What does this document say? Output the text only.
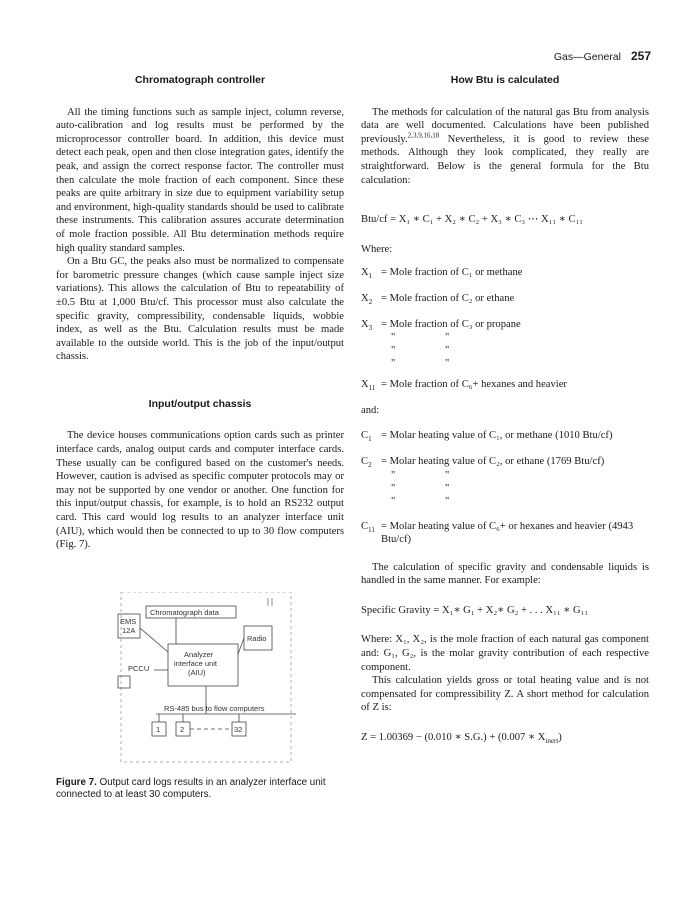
Gas—General 257
Chromatograph controller

All the timing functions such as sample inject, column reverse, auto-calibration and log results must be performed by the microprocessor controller board. In addition, this device must detect each peak, open and then close integration gates, identify the peak, and assign the correct response factor. The controller must then calculate the mole fraction of each component. Since these peaks are quite arbitrary in size due to equipment variability setup and environment, high-quality standards should be used to calibrate these instruments. This calibration assures accurate determination of mole fraction possible. All Btu determination methods require high quality standard samples.

On a Btu GC, the peaks also must be normalized to compensate for barometric pressure changes (which cause sample inject size variations). This allows the calculation of Btu to repeatability of ±0.5 Btu at 1,000 Btu/cf. This processor must also calculate the specific gravity, compressibility, condensable liquids, wobbie index, as well as the Btu. Calculation results must be made available to the outside world. This is the job of the input/output chassis.

Input/output chassis

The device houses communications option cards such as printer interface cards, analog output cards and computer interface cards. These usually can be configured based on the customer's needs. However, caution is advised as specific computer protocols may or may not be supported by one vendor or another. One function for this input/output chassis, for example, is to hold an RS232 output card. This card would log results to an analyzer interface unit (AIU), which would then be connected to up to 30 flow computers (Fig. 7).

Chromatograph data
EMS
12A
Radio
PCCU
Analyzer
interface unit
(AIU)
RS-485 bus to flow computers
1	2	32
Figure 7. Output card logs results in an analyzer interface unit connected to at least 30 computers.
How Btu is calculated

The methods for calculation of the natural gas Btu from analysis data are well documented. Calculations have been published previously.$^{2,3,9,16,18}$ Nevertheless, it is good to review these methods. Although they look complicated, they really are straightforward. Below is the general formula for the Btu calculation:

Btu/cf = X₁ ∗ C₁ + X₂ ∗ C₂ + X₃ ∗ C₃ ⋯ X₁₁ ∗ C₁₁

Where:

$X_1$ = Mole fraction of C₁ or methane
$X_2$ = Mole fraction of C₂ or ethane
$X_3$ = Mole fraction of C₃ or propane
"	"
"	"
"	"
$X_{11}$ = Mole fraction of C₆+ hexanes and heavier

and:

$C_1$ = Molar heating value of C₁, or methane (1010 Btu/cf)
$C_2$ = Molar heating value of C₂, or ethane (1769 Btu/cf)
"	"
"	"
"	"
$C_{11}$ = Molar heating value of C₆+ or hexanes and heavier (4943 Btu/cf)

The calculation of specific gravity and condensable liquids is handled in the same manner. For example:

Specific Gravity = X₁∗ G₁ + X₂∗ G₂ + . . . X₁₁ ∗ G₁₁

Where: X₁, X₂, is the mole fraction of each natural gas component and: G₁, G₂, is the molar gravity contribution of each respective component.

This calculation yields gross or total heating value and is not compensated for compressibility Z. A short method for calculation of Z is:

Z = 1.00369 − (0.010 ∗ S.G.) + (0.007 ∗ $X_{inert}$)
